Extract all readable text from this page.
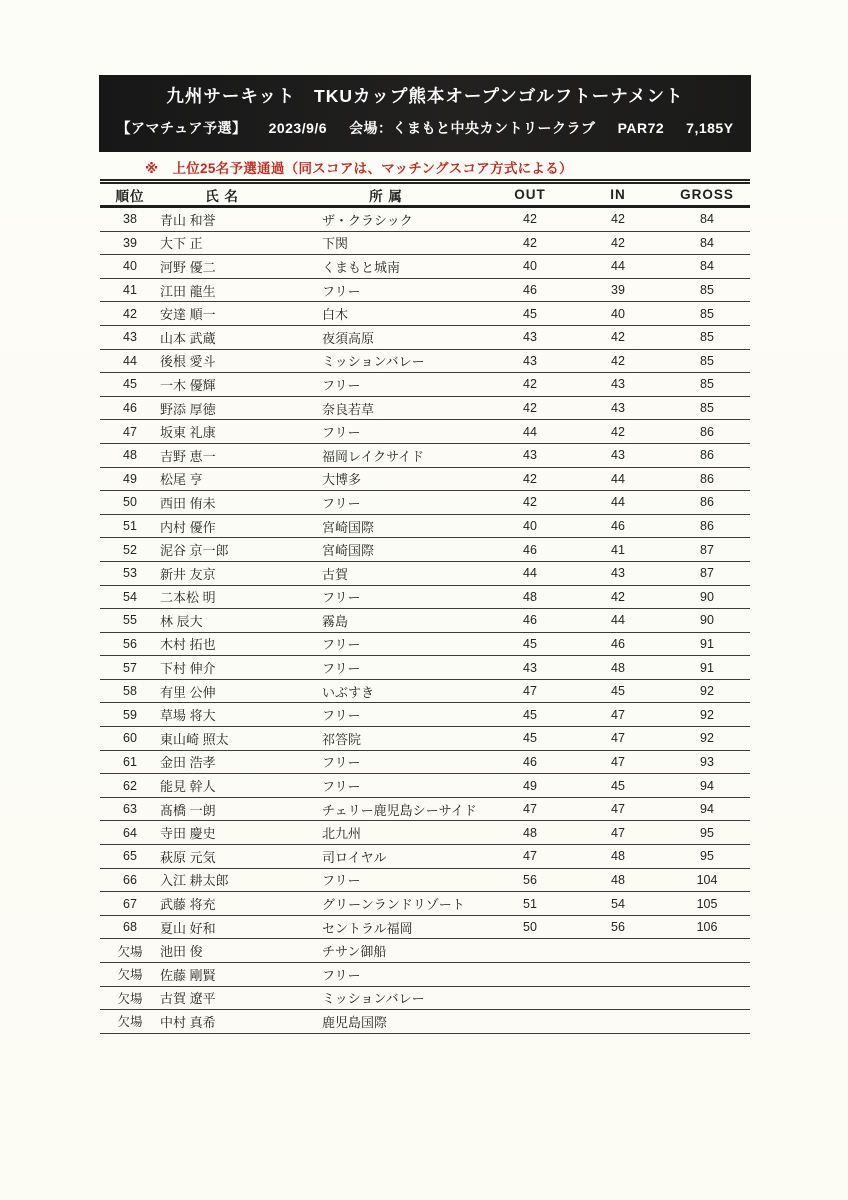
九州サーキット　TKUカップ熊本オープンゴルフトーナメント
【アマチュア予選】 2023/9/6 会場：くまもと中央カントリークラブ PAR72 7,185Y
※ 上位25名予選通過（同スコアは、マッチングスコア方式による）
順位	氏 名	所 属	OUT	IN	GROSS
38	青山 和誉	ザ・クラシック	42	42	84
39	大下 正	下関	42	42	84
40	河野 優二	くまもと城南	40	44	84
41	江田 龍生	フリー	46	39	85
42	安達 順一	白木	45	40	85
43	山本 武蔵	夜須高原	43	42	85
44	後根 愛斗	ミッションバレー	43	42	85
45	一木 優輝	フリー	42	43	85
46	野添 厚徳	奈良若草	42	43	85
47	坂東 礼康	フリー	44	42	86
48	吉野 恵一	福岡レイクサイド	43	43	86
49	松尾 亨	大博多	42	44	86
50	西田 侑未	フリー	42	44	86
51	内村 優作	宮崎国際	40	46	86
52	泥谷 京一郎	宮崎国際	46	41	87
53	新井 友京	古賀	44	43	87
54	二本松 明	フリー	48	42	90
55	林 辰大	霧島	46	44	90
56	木村 拓也	フリー	45	46	91
57	下村 伸介	フリー	43	48	91
58	有里 公伸	いぶすき	47	45	92
59	草場 将大	フリー	45	47	92
60	東山崎 照太	祁答院	45	47	92
61	金田 浩孝	フリー	46	47	93
62	能見 幹人	フリー	49	45	94
63	髙橋 一朗	チェリー鹿児島シーサイド	47	47	94
64	寺田 慶史	北九州	48	47	95
65	萩原 元気	司ロイヤル	47	48	95
66	入江 耕太郎	フリー	56	48	104
67	武藤 将充	グリーンランドリゾート	51	54	105
68	夏山 好和	セントラル福岡	50	56	106
欠場	池田 俊	チサン御船			
欠場	佐藤 剛賢	フリー			
欠場	古賀 遼平	ミッションバレー			
欠場	中村 真希	鹿児島国際			
